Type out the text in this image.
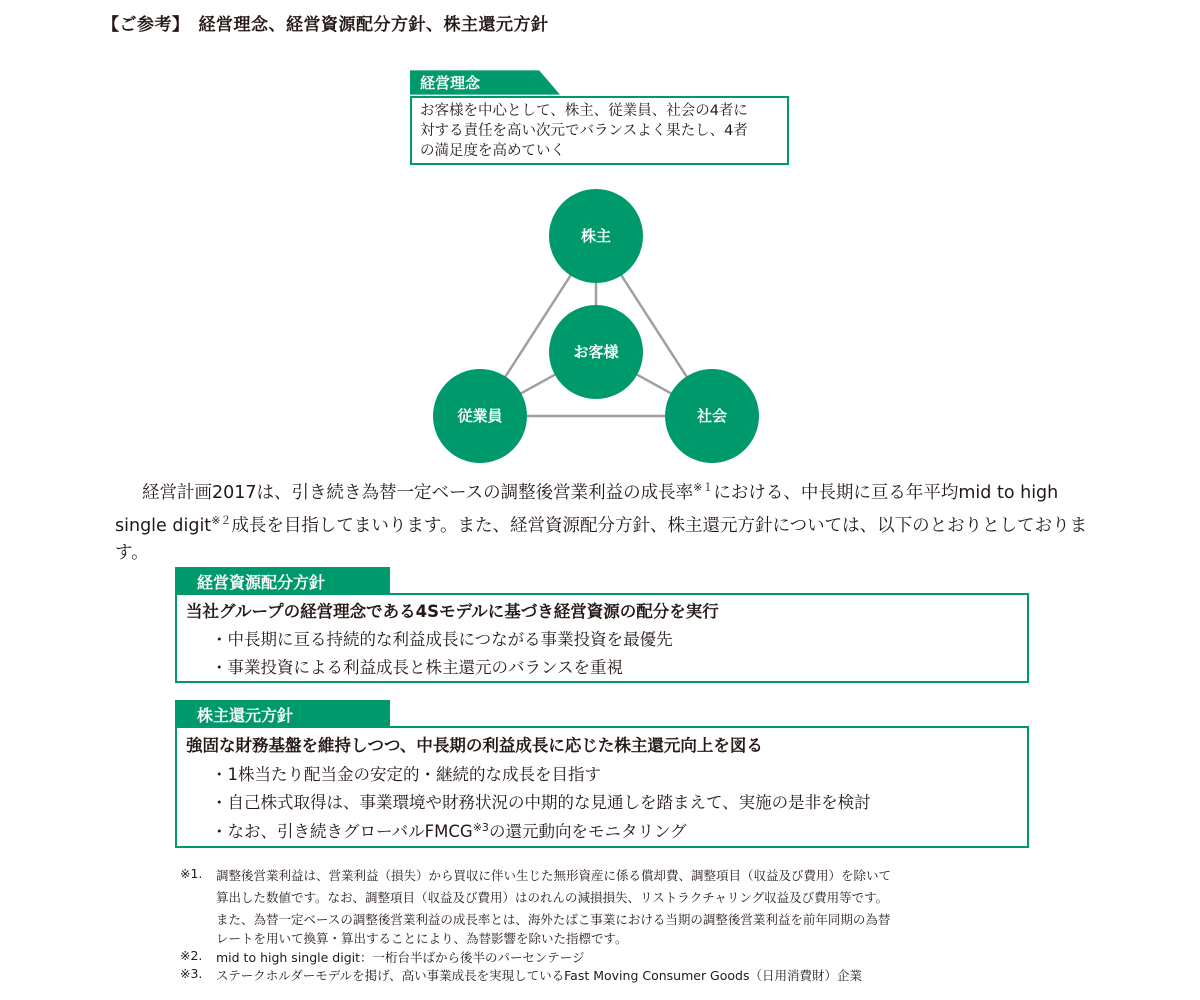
【ご参考】　経営理念、経営資源配分方針、株主還元方針
経営理念
お客様を中心として、株主、従業員、社会の4者に
対する責任を高い次元でバランスよく果たし、4者
の満足度を高めていく
株主
お客様
従業員	社会
経営計画2017は、引き続き為替一定ベースの調整後営業利益の成長率$^{※1}$における、中長期に亘る年平均mid to high single digit$^{※2}$成長を目指してまいります。また、経営資源配分方針、株主還元方針については、以下のとおりとしております。
経営資源配分方針
当社グループの経営理念である4Sモデルに基づき経営資源の配分を実行
・中長期に亘る持続的な利益成長につながる事業投資を最優先
・事業投資による利益成長と株主還元のバランスを重視
株主還元方針
強固な財務基盤を維持しつつ、中長期の利益成長に応じた株主還元向上を図る
・1株当たり配当金の安定的・継続的な成長を目指す
・自己株式取得は、事業環境や財務状況の中期的な見通しを踏まえて、実施の是非を検討
・なお、引き続きグローバルFMCG$^{※3}$の還元動向をモニタリング
※1. 調整後営業利益は、営業利益（損失）から買収に伴い生じた無形資産に係る償却費、調整項目（収益及び費用）を除いて
算出した数値です。なお、調整項目（収益及び費用）はのれんの減損損失、リストラクチャリング収益及び費用等です。
また、為替一定ベースの調整後営業利益の成長率とは、海外たばこ事業における当期の調整後営業利益を前年同期の為替
レートを用いて換算・算出することにより、為替影響を除いた指標です。
※2. mid to high single digit：一桁台半ばから後半のパーセンテージ
※3. ステークホルダーモデルを掲げ、高い事業成長を実現しているFast Moving Consumer Goods（日用消費財）企業
